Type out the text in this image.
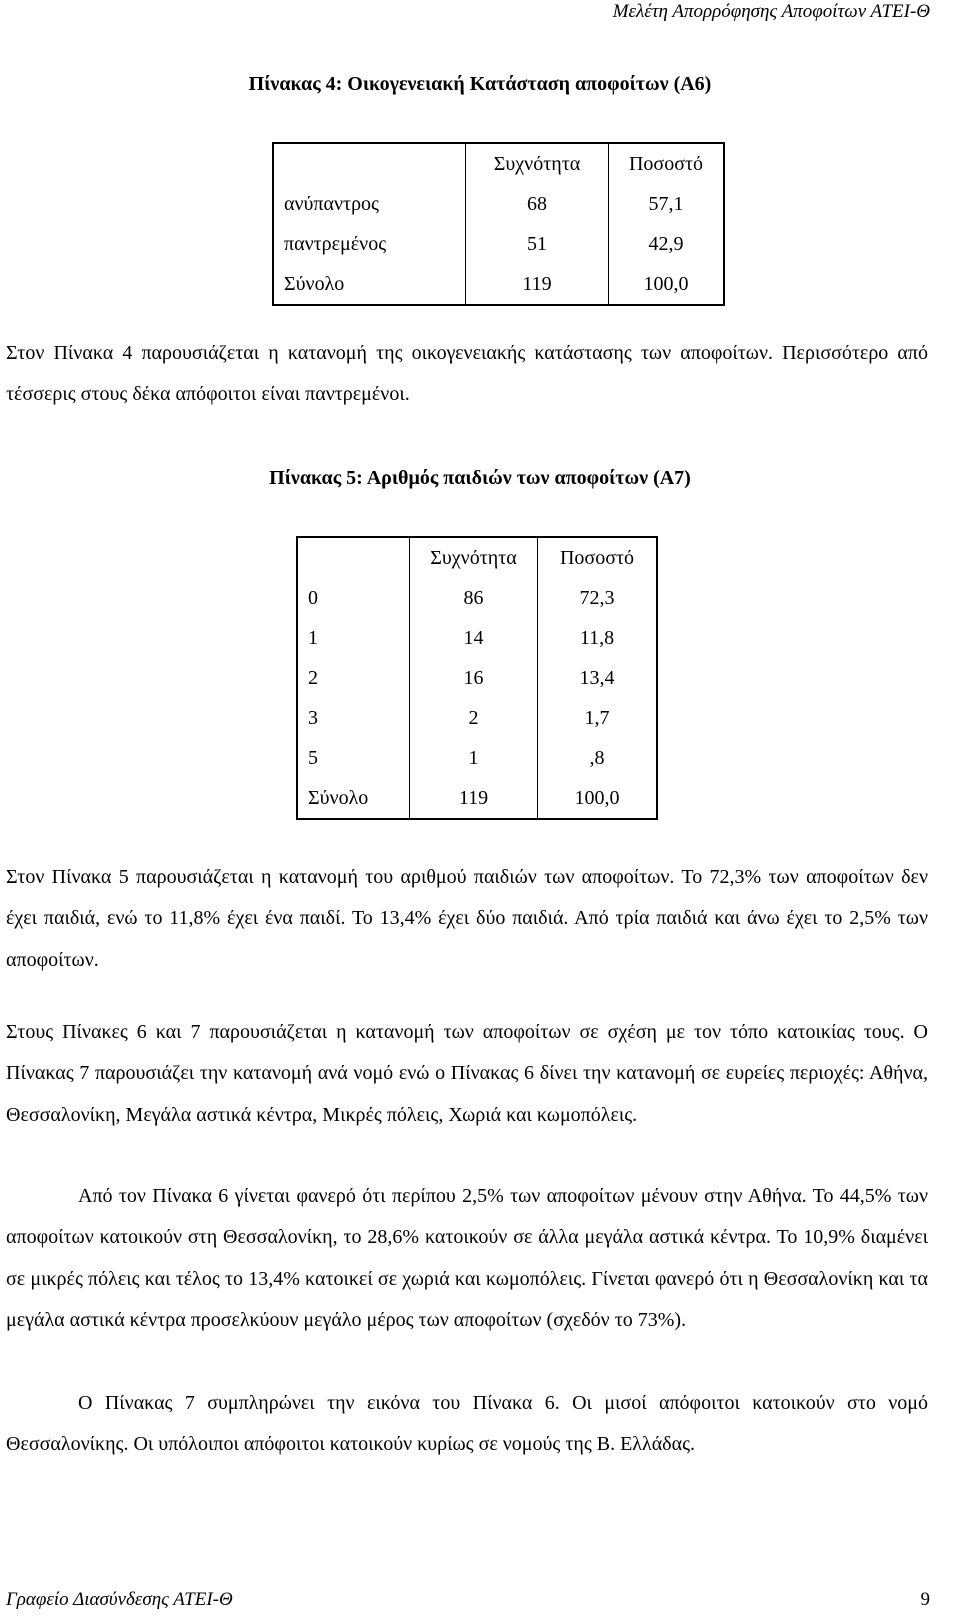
Μελέτη Απορρόφησης Αποφοίτων ΑΤΕΙ-Θ
Πίνακας 4: Οικογενειακή Κατάσταση αποφοίτων (Α6)
	Συχνότητα	Ποσοστό
ανύπαντρος	68	57,1
παντρεμένος	51	42,9
Σύνολο	119	100,0

Στον Πίνακα 4 παρουσιάζεται η κατανομή της οικογενειακής κατάστασης των αποφοίτων. Περισσότερο από τέσσερις στους δέκα απόφοιτοι είναι παντρεμένοι.

Πίνακας 5: Αριθμός παιδιών των αποφοίτων (Α7)
	Συχνότητα	Ποσοστό
0	86	72,3
1	14	11,8
2	16	13,4
3	2	1,7
5	1	,8
Σύνολο	119	100,0

Στον Πίνακα 5 παρουσιάζεται η κατανομή του αριθμού παιδιών των αποφοίτων. Το 72,3% των αποφοίτων δεν έχει παιδιά, ενώ το 11,8% έχει ένα παιδί. Το 13,4% έχει δύο παιδιά. Από τρία παιδιά και άνω έχει το 2,5% των αποφοίτων.

Στους Πίνακες 6 και 7 παρουσιάζεται η κατανομή των αποφοίτων σε σχέση με τον τόπο κατοικίας τους. Ο Πίνακας 7 παρουσιάζει την κατανομή ανά νομό ενώ ο Πίνακας 6 δίνει την κατανομή σε ευρείες περιοχές: Αθήνα, Θεσσαλονίκη, Μεγάλα αστικά κέντρα, Μικρές πόλεις, Χωριά και κωμοπόλεις.

Από τον Πίνακα 6 γίνεται φανερό ότι περίπου 2,5% των αποφοίτων μένουν στην Αθήνα. Το 44,5% των αποφοίτων κατοικούν στη Θεσσαλονίκη, το 28,6% κατοικούν σε άλλα μεγάλα αστικά κέντρα. Το 10,9% διαμένει σε μικρές πόλεις και τέλος το 13,4% κατοικεί σε χωριά και κωμοπόλεις. Γίνεται φανερό ότι η Θεσσαλονίκη και τα μεγάλα αστικά κέντρα προσελκύουν μεγάλο μέρος των αποφοίτων (σχεδόν το 73%).

Ο Πίνακας 7 συμπληρώνει την εικόνα του Πίνακα 6. Οι μισοί απόφοιτοι κατοικούν στο νομό Θεσσαλονίκης. Οι υπόλοιποι απόφοιτοι κατοικούν κυρίως σε νομούς της Β. Ελλάδας.

Γραφείο Διασύνδεσης ΑΤΕΙ-Θ	9
